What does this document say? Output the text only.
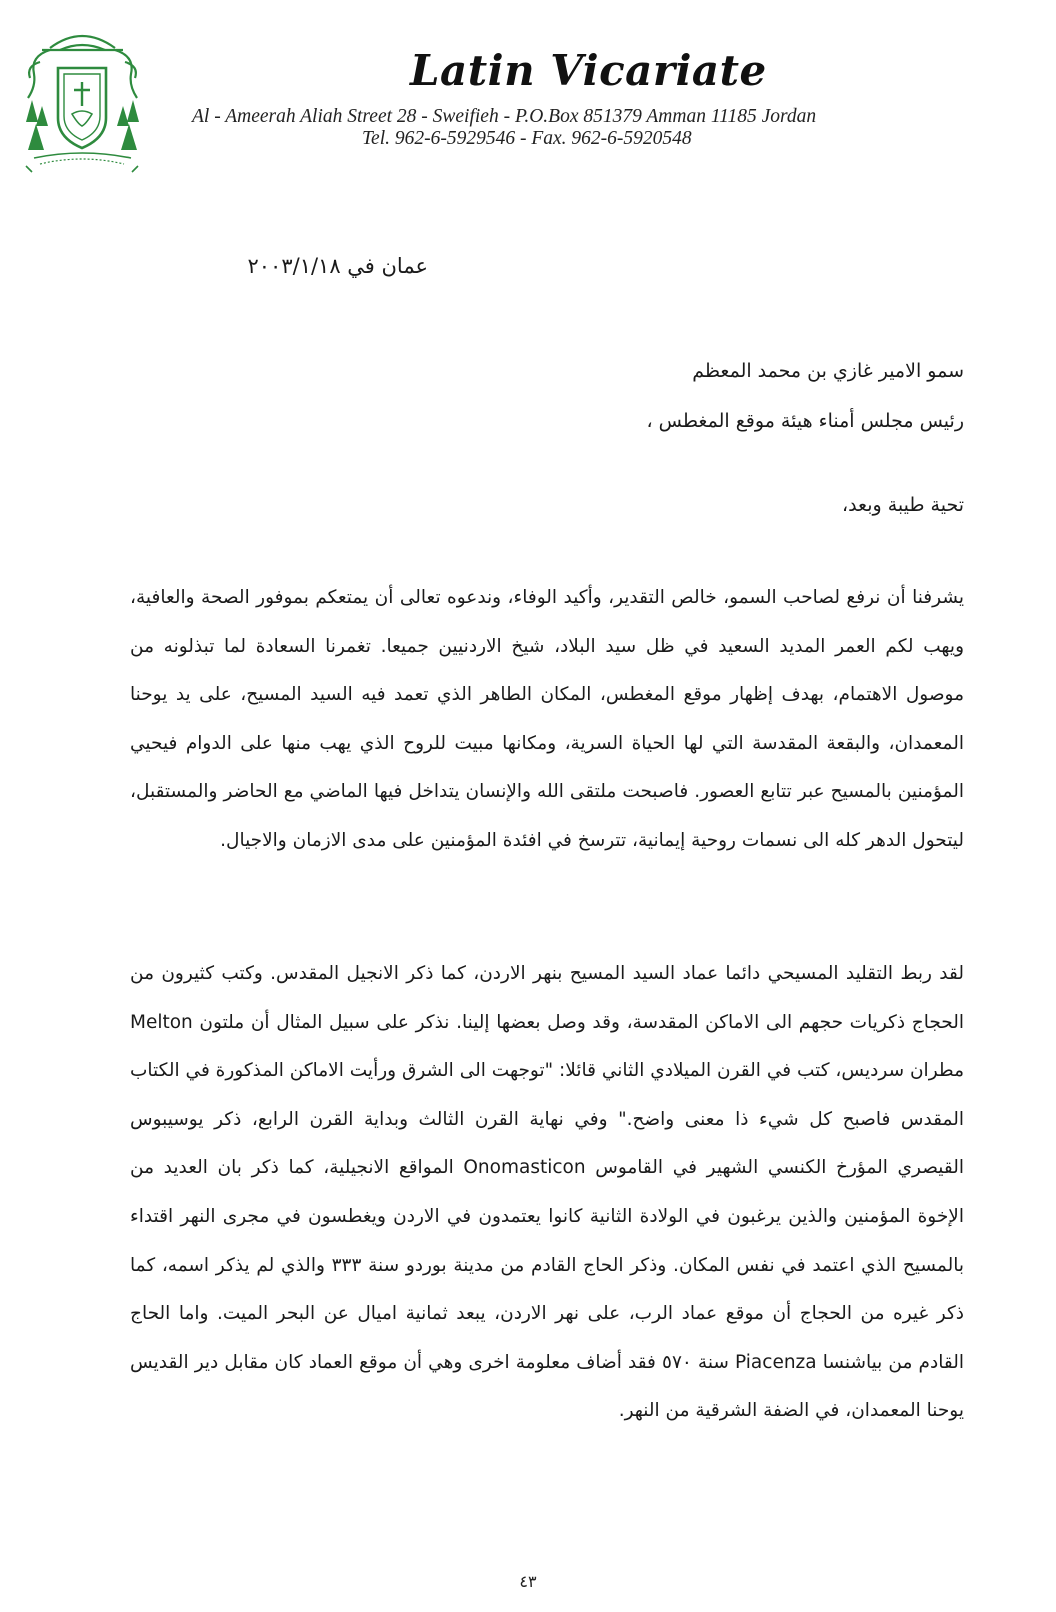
Latin Vicariate
Al - Ameerah Aliah Street 28 - Sweifieh - P.O.Box 851379 Amman 11185 Jordan
Tel. 962-6-5929546 - Fax. 962-6-5920548
عمان في ٢٠٠٣/١/١٨
سمو الامير غازي بن محمد المعظم
رئيس مجلس أمناء هيئة موقع المغطس ،
تحية طيبة وبعد،

يشرفنا أن نرفع لصاحب السمو، خالص التقدير، وأكيد الوفاء، وندعوه تعالى أن يمتعكم بموفور الصحة والعافية، ويهب لكم العمر المديد السعيد في ظل سيد البلاد، شيخ الاردنيين جميعا. تغمرنا السعادة لما تبذلونه من موصول الاهتمام، بهدف إظهار موقع المغطس، المكان الطاهر الذي تعمد فيه السيد المسيح، على يد يوحنا المعمدان، والبقعة المقدسة التي لها الحياة السرية، ومكانها مبيت للروح الذي يهب منها على الدوام فيحيي المؤمنين بالمسيح عبر تتابع العصور. فاصبحت ملتقى الله والإنسان يتداخل فيها الماضي مع الحاضر والمستقبل، ليتحول الدهر كله الى نسمات روحية إيمانية، تترسخ في افئدة المؤمنين على مدى الازمان والاجيال.

لقد ربط التقليد المسيحي دائما عماد السيد المسيح بنهر الاردن، كما ذكر الانجيل المقدس. وكتب كثيرون من الحجاج ذكريات حجهم الى الاماكن المقدسة، وقد وصل بعضها إلينا. نذكر على سبيل المثال أن ملتون Melton مطران سرديس، كتب في القرن الميلادي الثاني قائلا: "توجهت الى الشرق ورأيت الاماكن المذكورة في الكتاب المقدس فاصبح كل شيء ذا معنى واضح." وفي نهاية القرن الثالث وبداية القرن الرابع، ذكر يوسيبوس القيصري المؤرخ الكنسي الشهير في القاموس Onomasticon المواقع الانجيلية، كما ذكر بان العديد من الإخوة المؤمنين والذين يرغبون في الولادة الثانية كانوا يعتمدون في الاردن ويغطسون في مجرى النهر اقتداء بالمسيح الذي اعتمد في نفس المكان. وذكر الحاج القادم من مدينة بوردو سنة ٣٣٣ والذي لم يذكر اسمه، كما ذكر غيره من الحجاج أن موقع عماد الرب، على نهر الاردن، يبعد ثمانية اميال عن البحر الميت. واما الحاج القادم من بياشنسا Piacenza سنة ٥٧٠ فقد أضاف معلومة اخرى وهي أن موقع العماد كان مقابل دير القديس يوحنا المعمدان، في الضفة الشرقية من النهر.

٤٣
